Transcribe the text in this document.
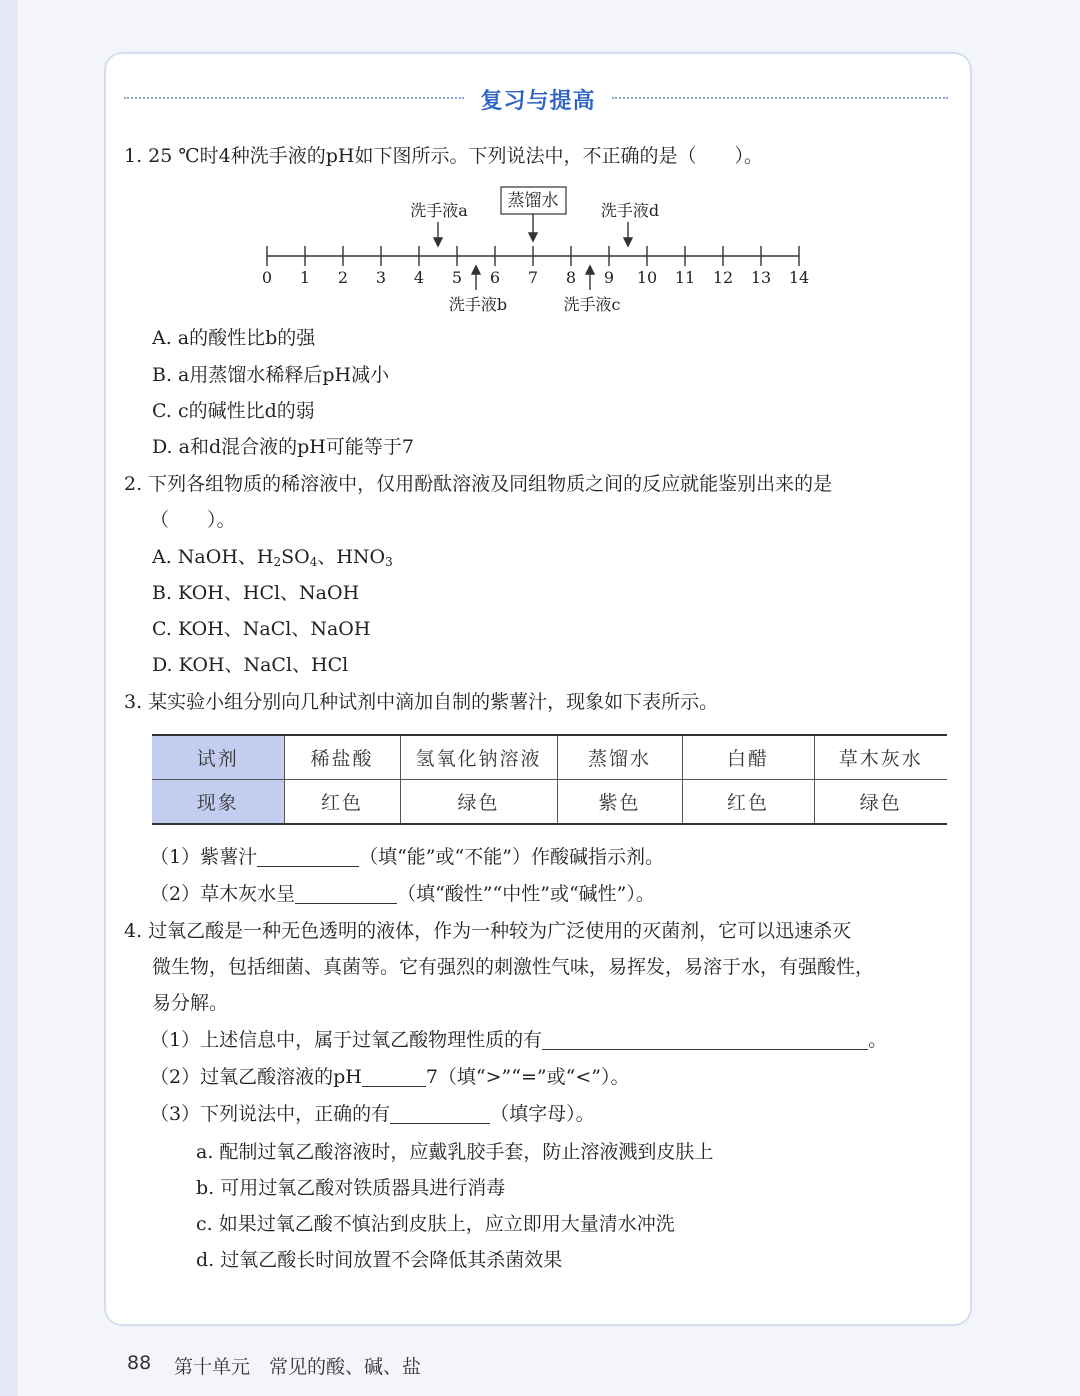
复习与提高
1. 25 ℃时4种洗手液的pH如下图所示。下列说法中，不正确的是（　　）。
0 1 2 3 4 5 6 7 8 9 10 11 12 13 14
洗手液a 蒸馏水	洗手液d
洗手液b	洗手液c
A. a的酸性比b的强
B. a用蒸馏水稀释后pH减小
C. c的碱性比d的弱
D. a和d混合液的pH可能等于7
2. 下列各组物质的稀溶液中，仅用酚酞溶液及同组物质之间的反应就能鉴别出来的是
（　　）。
A. NaOH、$H_2SO_4$、$HNO_3$
B. KOH、HCl、NaOH
C. KOH、NaCl、NaOH
D. KOH、NaCl、HCl
3. 某实验小组分别向几种试剂中滴加自制的紫薯汁，现象如下表所示。
试剂	稀盐酸	氢氧化钠溶液	蒸馏水	白醋	草木灰水
现象	红色	绿色	紫色	红色	绿色
（1）紫薯汁	（填“能”或“不能”）作酸碱指示剂。
（2）草木灰水呈	（填“酸性”“中性”或“碱性”）。
4. 过氧乙酸是一种无色透明的液体，作为一种较为广泛使用的灭菌剂，它可以迅速杀灭
微生物，包括细菌、真菌等。它有强烈的刺激性气味，易挥发，易溶于水，有强酸性，
易分解。
（1）上述信息中，属于过氧乙酸物理性质的有	。
（2）过氧乙酸溶液的pH	7（填“>”“=”或“<”）。
（3）下列说法中，正确的有	（填字母）。
a. 配制过氧乙酸溶液时，应戴乳胶手套，防止溶液溅到皮肤上
b. 可用过氧乙酸对铁质器具进行消毒
c. 如果过氧乙酸不慎沾到皮肤上，应立即用大量清水冲洗
d. 过氧乙酸长时间放置不会降低其杀菌效果
88 第十单元　常见的酸、碱、盐
